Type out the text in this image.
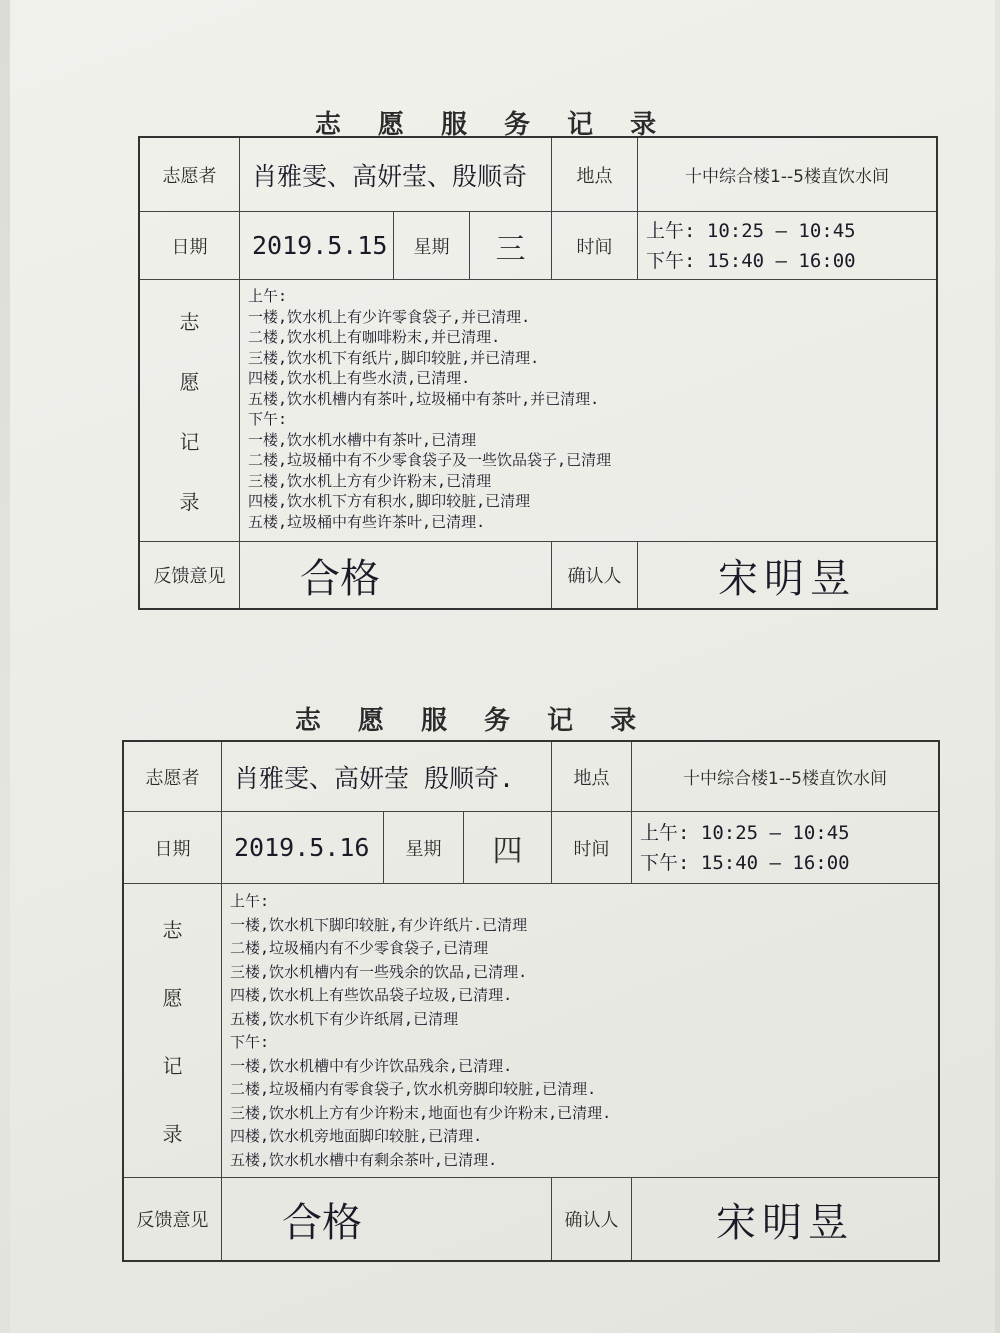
志 愿 服 务 记 录
志愿者	肖雅雯、高妍莹、殷顺奇	地点	十中综合楼1--5楼直饮水间
日期	2019.5.15	星期	三	时间
上午: 10:25 — 10:45
下午: 15:40 — 16:00
志
愿
记
录
上午:
一楼,饮水机上有少许零食袋子,并已清理.
二楼,饮水机上有咖啡粉末,并已清理.
三楼,饮水机下有纸片,脚印较脏,并已清理.
四楼,饮水机上有些水渍,已清理.
五楼,饮水机槽内有茶叶,垃圾桶中有茶叶,并已清理.
下午:
一楼,饮水机水槽中有茶叶,已清理
二楼,垃圾桶中有不少零食袋子及一些饮品袋子,已清理
三楼,饮水机上方有少许粉末,已清理
四楼,饮水机下方有积水,脚印较脏,已清理
五楼,垃圾桶中有些许茶叶,已清理.
反馈意见	合格	确认人	宋明昱
志 愿 服 务 记 录
志愿者	肖雅雯、高妍莹 殷顺奇.	地点	十中综合楼1--5楼直饮水间
日期	2019.5.16	星期	四	时间
上午: 10:25 — 10:45
下午: 15:40 — 16:00
志
愿
记
录
上午:
一楼,饮水机下脚印较脏,有少许纸片.已清理
二楼,垃圾桶内有不少零食袋子,已清理
三楼,饮水机槽内有一些残余的饮品,已清理.
四楼,饮水机上有些饮品袋子垃圾,已清理.
五楼,饮水机下有少许纸屑,已清理
下午:
一楼,饮水机槽中有少许饮品残余,已清理.
二楼,垃圾桶内有零食袋子,饮水机旁脚印较脏,已清理.
三楼,饮水机上方有少许粉末,地面也有少许粉末,已清理.
四楼,饮水机旁地面脚印较脏,已清理.
五楼,饮水机水槽中有剩余茶叶,已清理.
反馈意见	合格	确认人	宋明昱
